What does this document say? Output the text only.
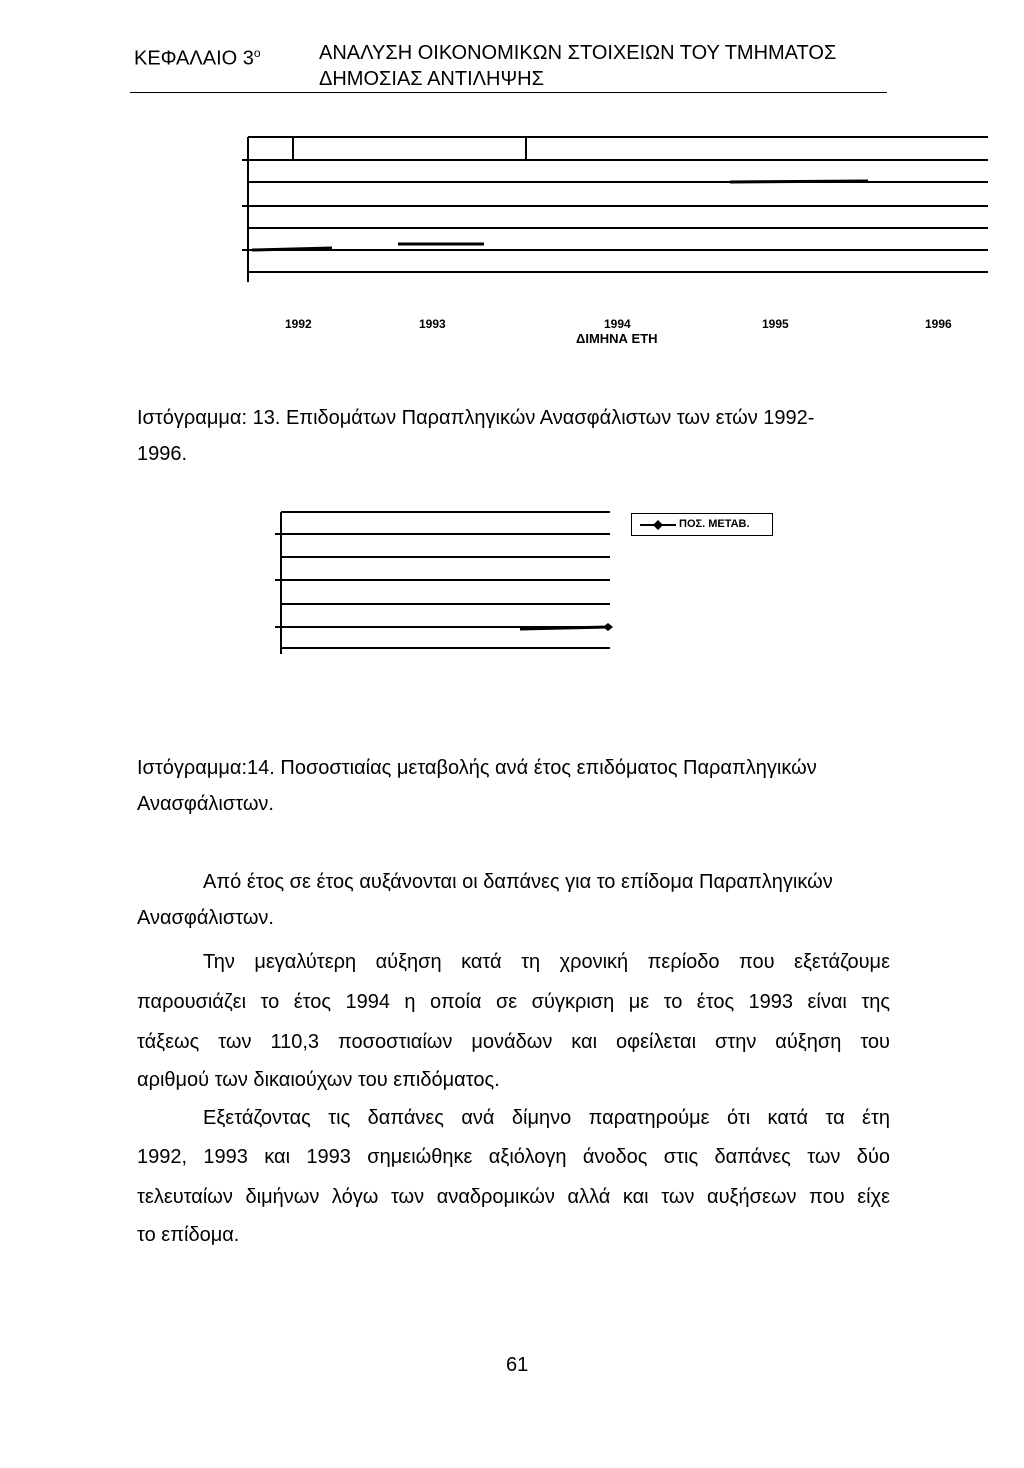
ΚΕΦΑΛΑΙΟ $3^o$	ΑΝΑΛΥΣΗ ΟΙΚΟΝΟΜΙΚΩΝ ΣΤΟΙΧΕΙΩΝ ΤΟΥ ΤΜΗΜΑΤΟΣ
ΔΗΜΟΣΙΑΣ ΑΝΤΙΛΗΨΗΣ
1992	1993	1994	1995	1996
ΔΙΜΗΝΑ ΕΤΗ
Ιστόγραμμα: 13. Επιδομάτων Παραπληγικών Ανασφάλιστων των ετών 1992-
1996.
ΠΟΣ. ΜΕΤΑΒ.
Ιστόγραμμα:14. Ποσοστιαίας μεταβολής ανά έτος επιδόματος Παραπληγικών
Ανασφάλιστων.
Από έτος σε έτος αυξάνονται οι δαπάνες για το επίδομα Παραπληγικών
Ανασφάλιστων.
Την μεγαλύτερη αύξηση κατά τη χρονική περίοδο που εξετάζουμε
παρουσιάζει το έτος 1994 η οποία σε σύγκριση με το έτος 1993 είναι της
τάξεως των 110,3 ποσοστιαίων μονάδων και οφείλεται στην αύξηση του
αριθμού των δικαιούχων του επιδόματος.
Εξετάζοντας τις δαπάνες ανά δίμηνο παρατηρούμε ότι κατά τα έτη
1992, 1993 και 1993 σημειώθηκε αξιόλογη άνοδος στις δαπάνες των δύο
τελευταίων διμήνων λόγω των αναδρομικών αλλά και των αυξήσεων που είχε
το επίδομα.
61
